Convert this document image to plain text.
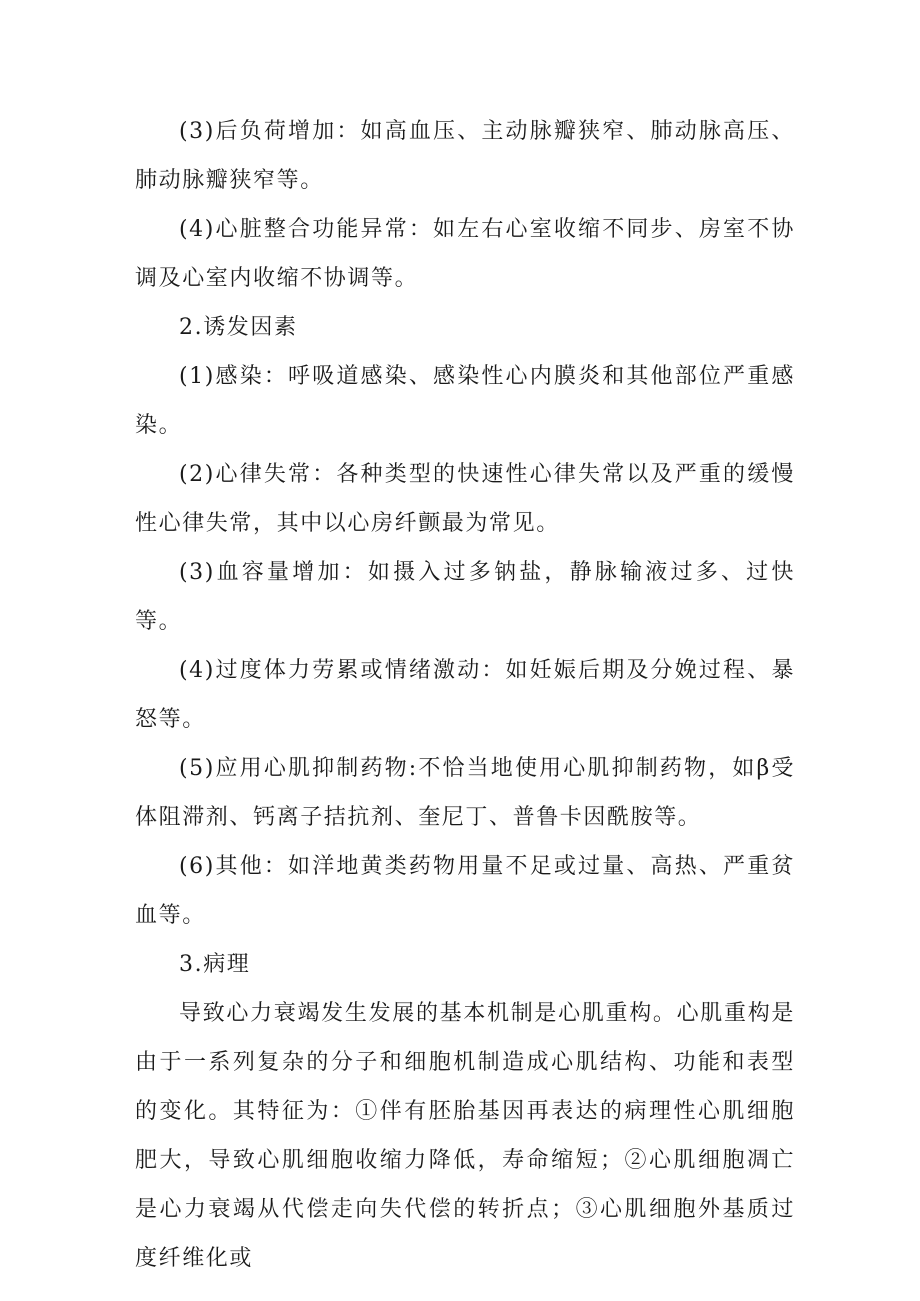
(3)后负荷增加：如高血压、主动脉瓣狭窄、肺动脉高压、肺动脉瓣狭窄等。

(4)心脏整合功能异常：如左右心室收缩不同步、房室不协调及心室内收缩不协调等。

2.诱发因素

(1)感染：呼吸道感染、感染性心内膜炎和其他部位严重感染。

(2)心律失常：各种类型的快速性心律失常以及严重的缓慢性心律失常，其中以心房纤颤最为常见。

(3)血容量增加：如摄入过多钠盐，静脉输液过多、过快等。

(4)过度体力劳累或情绪激动：如妊娠后期及分娩过程、暴怒等。

(5)应用心肌抑制药物:不恰当地使用心肌抑制药物，如β受体阻滞剂、钙离子拮抗剂、奎尼丁、普鲁卡因酰胺等。

(6)其他：如洋地黄类药物用量不足或过量、高热、严重贫血等。

3.病理

导致心力衰竭发生发展的基本机制是心肌重构。心肌重构是由于一系列复杂的分子和细胞机制造成心肌结构、功能和表型的变化。其特征为：①伴有胚胎基因再表达的病理性心肌细胞肥大，导致心肌细胞收缩力降低，寿命缩短；②心肌细胞凋亡是心力衰竭从代偿走向失代偿的转折点；③心肌细胞外基质过度纤维化或
